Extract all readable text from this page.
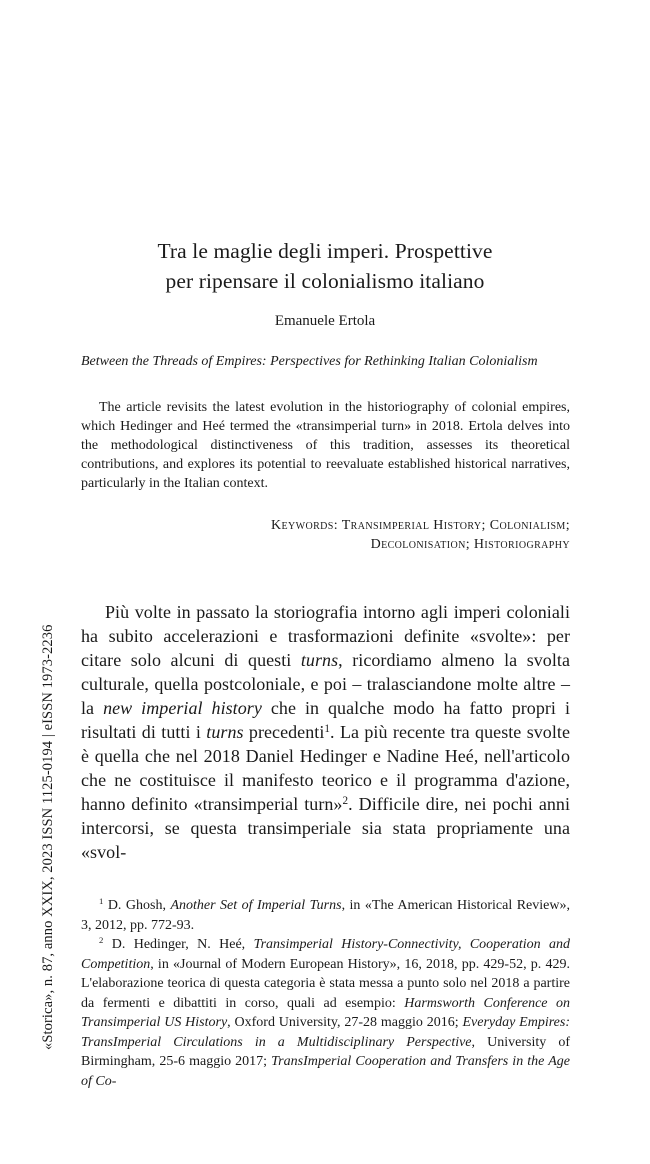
Tra le maglie degli imperi. Prospettive
per ripensare il colonialismo italiano
Emanuele Ertola
Between the Threads of Empires: Perspectives for Rethinking Italian Colonialism

The article revisits the latest evolution in the historiography of colonial empires, which Hedinger and Heé termed the «transimperial turn» in 2018. Ertola delves into the methodological distinctiveness of this tradition, assesses its theoretical contributions, and explores its potential to reevaluate established historical narratives, particularly in the Italian context.

Keywords: Transimperial History; Colonialism;
Decolonisation; Historiography

Più volte in passato la storiografia intorno agli imperi coloniali ha subito accelerazioni e trasformazioni definite «svolte»: per citare solo alcuni di questi turns, ricordiamo almeno la svolta culturale, quella postcoloniale, e poi – tralasciandone molte altre – la new imperial history che in qualche modo ha fatto propri i risultati di tutti i turns precedenti$^1$. La più recente tra queste svolte è quella che nel 2018 Daniel Hedinger e Nadine Heé, nell'articolo che ne costituisce il manifesto teorico e il programma d'azione, hanno definito «transimperial turn»$^2$. Difficile dire, nei pochi anni intercorsi, se questa transimperiale sia stata propriamente una «svol-

$^1$ D. Ghosh, Another Set of Imperial Turns, in «The American Historical Review», 3, 2012, pp. 772-93.

$^2$ D. Hedinger, N. Heé, Transimperial History-Connectivity, Cooperation and Competition, in «Journal of Modern European History», 16, 2018, pp. 429-52, p. 429. L'elaborazione teorica di questa categoria è stata messa a punto solo nel 2018 a partire da fermenti e dibattiti in corso, quali ad esempio: Harmsworth Conference on Transimperial US History, Oxford University, 27-28 maggio 2016; Everyday Empires: TransImperial Circulations in a Multidisciplinary Perspective, University of Birmingham, 25-6 maggio 2017; TransImperial Cooperation and Transfers in the Age of Co-

«Storica», n. 87, anno XXIX, 2023 ISSN 1125-0194 | eISSN 1973-2236
